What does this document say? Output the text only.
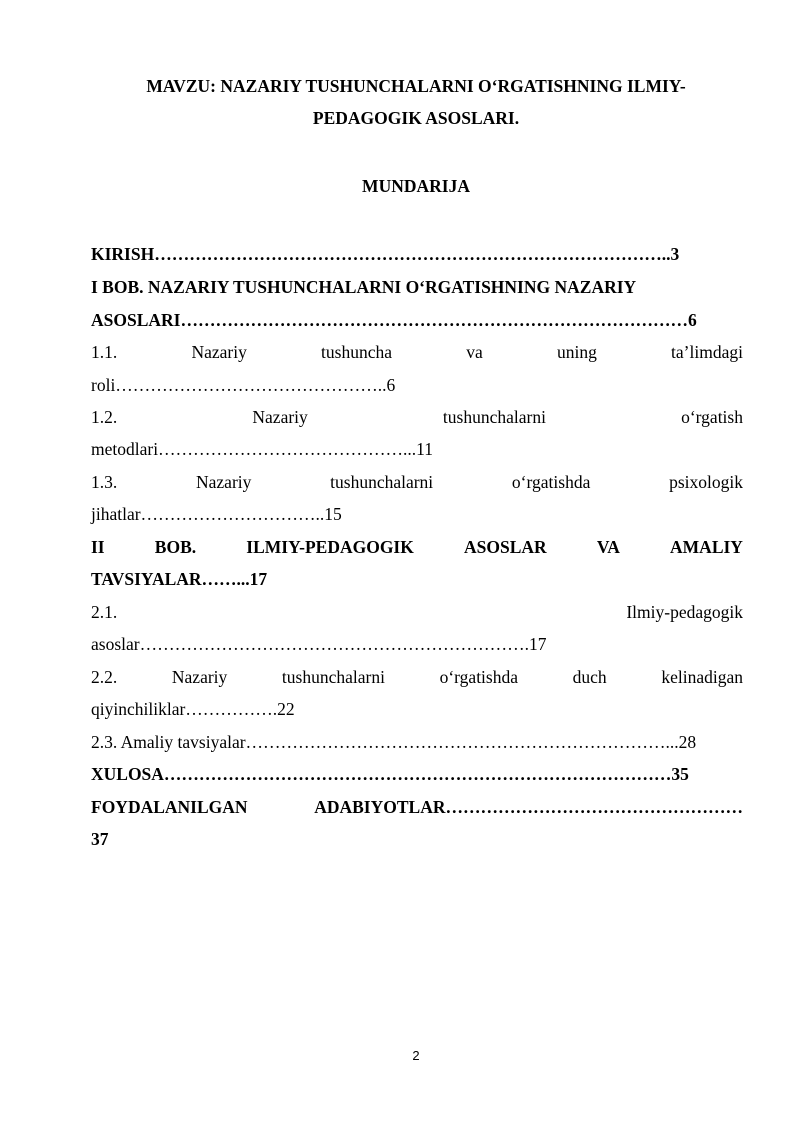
MAVZU: NAZARIY TUSHUNCHALARNI O‘RGATISHNING ILMIY-
PEDAGOGIK ASOSLARI.
MUNDARIJA
KIRISH……………………………………………………………………………..3
I BOB. NAZARIY TUSHUNCHALARNI O‘RGATISHNING NAZARIY
ASOSLARI……………………………………………………………………………6
1.1.	Nazariy	tushuncha	va	uning	ta’limdagi
roli………………………………………..6
1.2.	Nazariy	tushunchalarni	o‘rgatish
metodlari……………………………………...11
1.3.	Nazariy	tushunchalarni	o‘rgatishda	psixologik
jihatlar…………………………..15
II	BOB.	ILMIY-PEDAGOGIK	ASOSLAR	VA	AMALIY
TAVSIYALAR……...17
2.1.	Ilmiy-pedagogik
asoslar………………………………………………………….17
2.2.	Nazariy	tushunchalarni	o‘rgatishda	duch	kelinadigan
qiyinchiliklar…………….22
2.3. Amaliy tavsiyalar………………………………………………………………...28
XULOSA……………………………………………………………………………35
FOYDALANILGAN	ADABIYOTLAR……………………………………………
37
2
